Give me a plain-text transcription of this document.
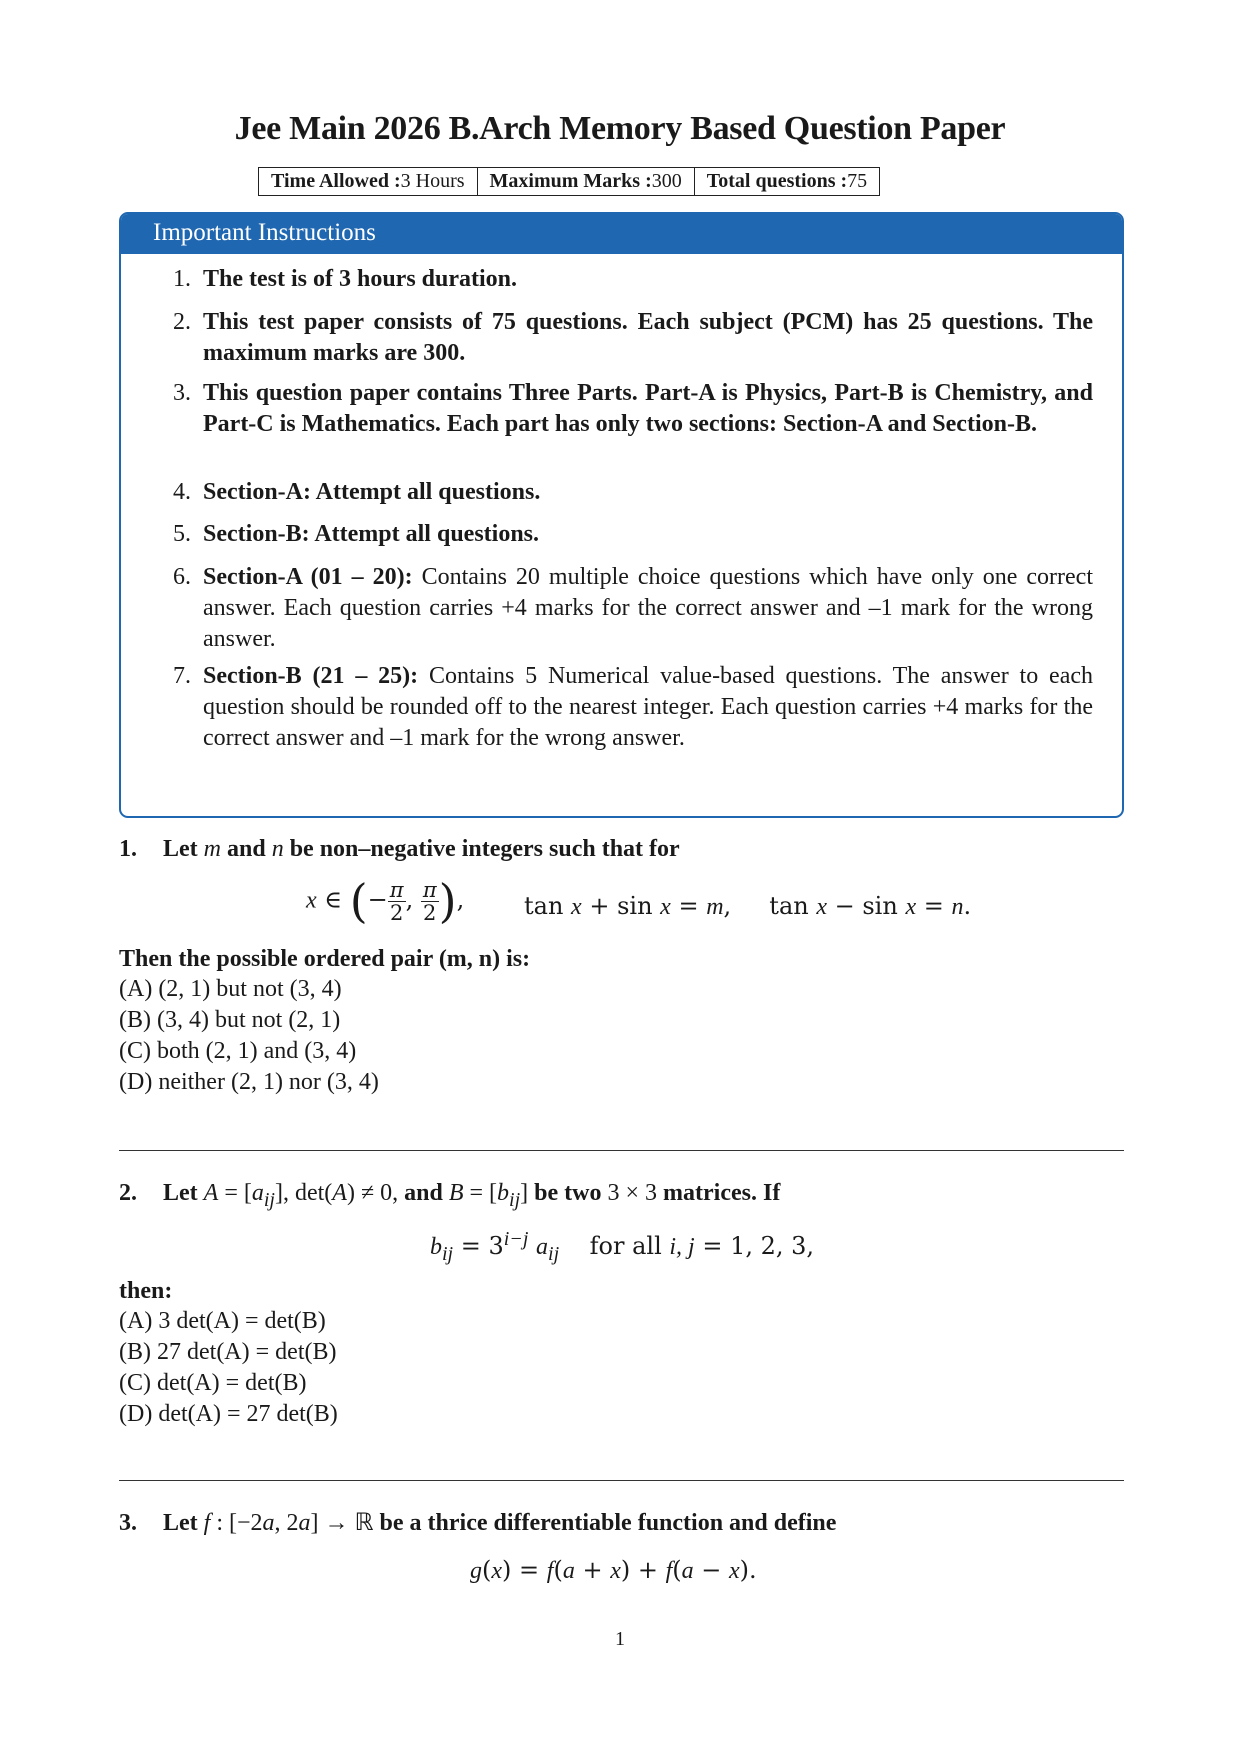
Jee Main 2026 B.Arch Memory Based Question Paper
Time Allowed :3 Hours	Maximum Marks :300	Total questions :75
Important Instructions
1. The test is of 3 hours duration.
2. This test paper consists of 75 questions. Each subject (PCM) has 25 questions. The maximum marks are 300.
3. This question paper contains Three Parts. Part-A is Physics, Part-B is Chemistry, and Part-C is Mathematics. Each part has only two sections: Section-A and Section-B.
4. Section-A: Attempt all questions.
5. Section-B: Attempt all questions.
6. Section-A (01 – 20): Contains 20 multiple choice questions which have only one correct answer. Each question carries +4 marks for the correct answer and –1 mark for the wrong answer.
7. Section-B (21 – 25): Contains 5 Numerical value-based questions. The answer to each question should be rounded off to the nearest integer. Each question carries +4 marks for the correct answer and –1 mark for the wrong answer.
1. Let m and n be non–negative integers such that for
x ∈ (− $\frac{\pi}{2}$ , $\frac{\pi}{2}$ ), tan x + sin x = m,     tan x − sin x = n.
Then the possible ordered pair (m, n) is:
(A) (2, 1) but not (3, 4)
(B) (3, 4) but not (2, 1)
(C) both (2, 1) and (3, 4)
(D) neither (2, 1) nor (3, 4)
2. Let $A = [a_{ij}]$, det(A) ≠ 0, and $B = [b_{ij}]$ be two 3 × 3 matrices. If
$b_{ij} = 3^{i-j}$ $a_{ij}$    for all i, j = 1, 2, 3,
then:
(A) 3 det(A) = det(B)
(B) 27 det(A) = det(B)
(C) det(A) = det(B)
(D) det(A) = 27 det(B)
3. Let f : [−2a, 2a] → ℝ be a thrice differentiable function and define
g(x) = f(a + x) + f(a − x).
1
